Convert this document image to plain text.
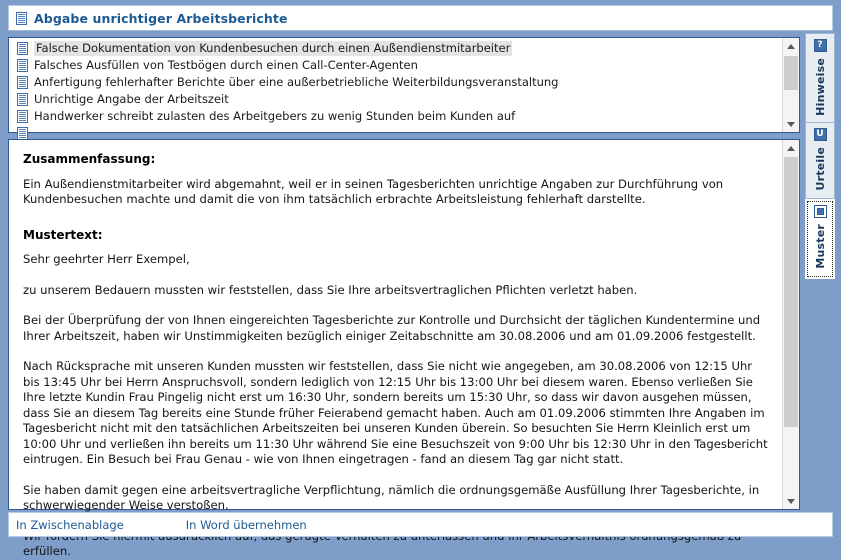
Abgabe unrichtiger Arbeitsberichte
Falsche Dokumentation von Kundenbesuchen durch einen Außendienstmitarbeiter
Falsches Ausfüllen von Testbögen durch einen Call-Center-Agenten
Anfertigung fehlerhafter Berichte über eine außerbetriebliche Weiterbildungsveranstaltung
Unrichtige Angabe der Arbeitszeit
Handwerker schreibt zulasten des Arbeitgebers zu wenig Stunden beim Kunden auf
Zusammenfassung:

Ein Außendienstmitarbeiter wird abgemahnt, weil er in seinen Tagesberichten unrichtige Angaben zur Durchführung von Kundenbesuchen machte und damit die von ihm tatsächlich erbrachte Arbeitsleistung fehlerhaft darstellte.

Mustertext:

Sehr geehrter Herr Exempel,

zu unserem Bedauern mussten wir feststellen, dass Sie Ihre arbeitsvertraglichen Pflichten verletzt haben.

Bei der Überprüfung der von Ihnen eingereichten Tagesberichte zur Kontrolle und Durchsicht der täglichen Kundentermine und Ihrer Arbeitszeit, haben wir Unstimmigkeiten bezüglich einiger Zeitabschnitte am 30.08.2006 und am 01.09.2006 festgestellt.

Nach Rücksprache mit unseren Kunden mussten wir feststellen, dass Sie nicht wie angegeben, am 30.08.2006 von 12:15 Uhr bis 13:45 Uhr bei Herrn Anspruchsvoll, sondern lediglich von 12:15 Uhr bis 13:00 Uhr bei diesem waren. Ebenso verließen Sie Ihre letzte Kundin Frau Pingelig nicht erst um 16:30 Uhr, sondern bereits um 15:30 Uhr, so dass wir davon ausgehen müssen, dass Sie an diesem Tag bereits eine Stunde früher Feierabend gemacht haben. Auch am 01.09.2006 stimmten Ihre Angaben im Tagesbericht nicht mit den tatsächlichen Arbeitszeiten bei unseren Kunden überein. So besuchten Sie Herrn Kleinlich erst um 10:00 Uhr und verließen ihn bereits um 11:30 Uhr während Sie eine Besuchszeit von 9:00 Uhr bis 12:30 Uhr in den Tagesbericht eintrugen. Ein Besuch bei Frau Genau - wie von Ihnen eingetragen - fand an diesem Tag gar nicht statt.

Sie haben damit gegen eine arbeitsvertragliche Verpflichtung, nämlich die ordnungsgemäße Ausfüllung Ihrer Tagesberichte, in schwerwiegender Weise verstoßen.

erfüllen.

In Zwischenablage	In Word übernehmen
?
Hinweise
U
Urteile
Muster
